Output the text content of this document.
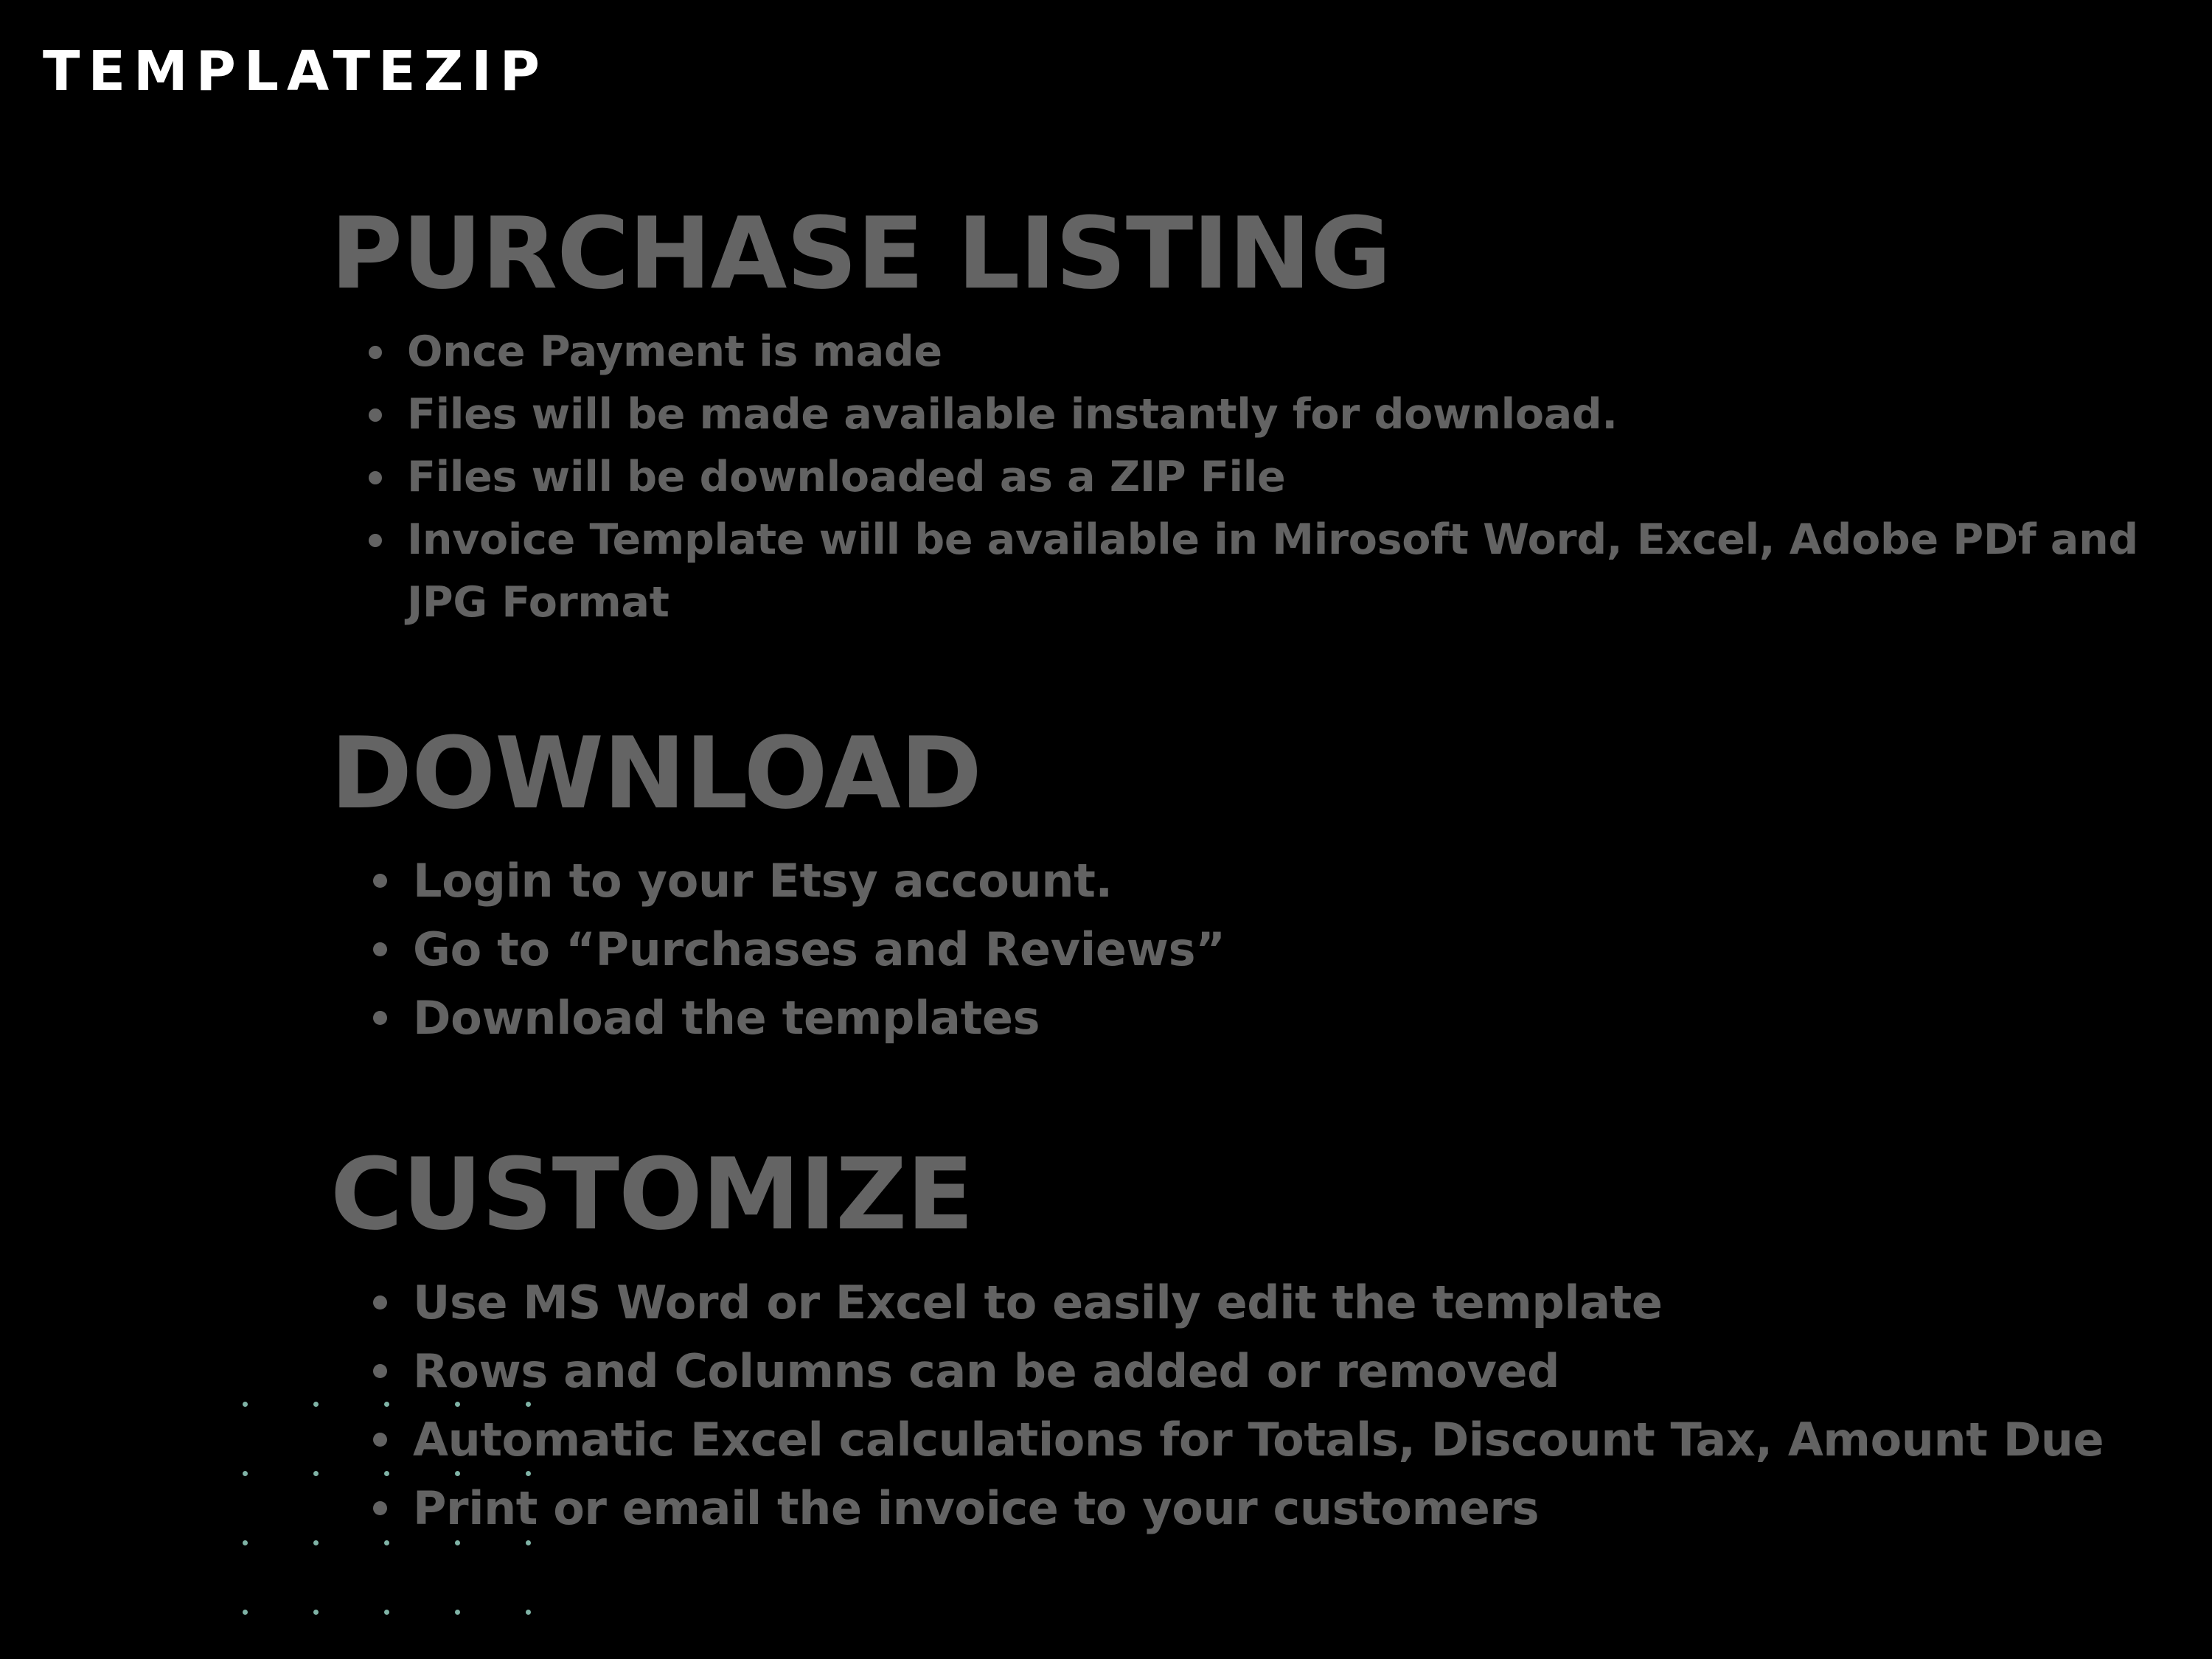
TEMPLATEZIP
PURCHASE LISTING
Once Payment is made
Files will be made available instantly for download.
Files will be downloaded as a ZIP File
Invoice Template will be available in Mirosoft Word, Excel, Adobe PDf and JPG Format
DOWNLOAD
Login to your Etsy account.
Go to “Purchases and Reviews”
Download the templates
CUSTOMIZE
Use MS Word or Excel to easily edit the template
Rows and Columns can be added or removed
Automatic Excel calculations for Totals, Discount Tax, Amount Due
Print or email the invoice to your customers
